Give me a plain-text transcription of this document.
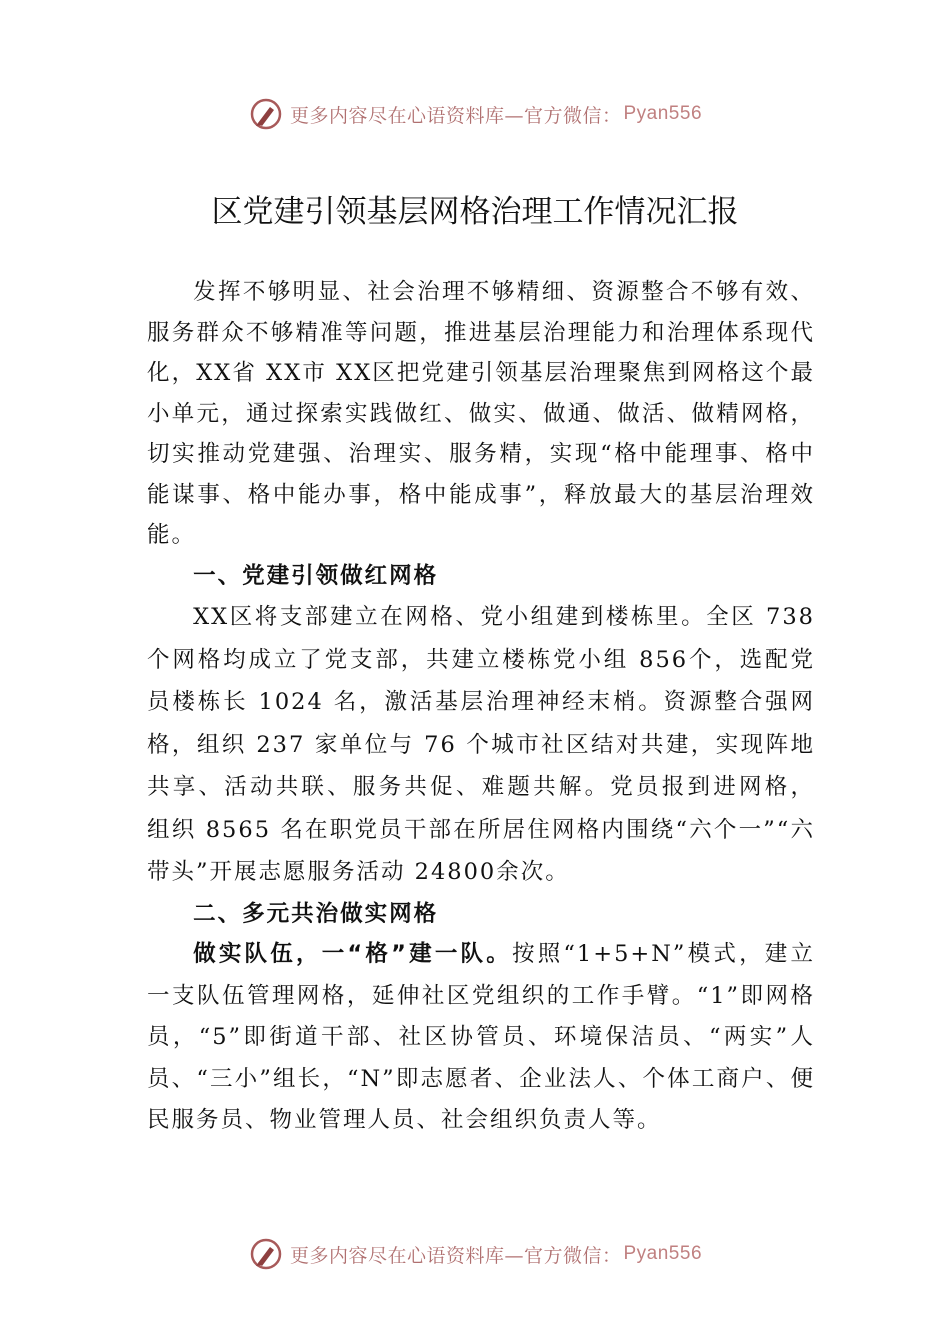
更多内容尽在心语资料库—官方微信： Pyan556
区党建引领基层网格治理工作情况汇报

发挥不够明显、社会治理不够精细、资源整合不够有效、服务群众不够精准等问题，推进基层治理能力和治理体系现代化，XX省 XX市 XX区把党建引领基层治理聚焦到网格这个最小单元，通过探索实践做红、做实、做通、做活、做精网格，切实推动党建强、治理实、服务精，实现“格中能理事、格中能谋事、格中能办事，格中能成事”，释放最大的基层治理效能。

一、党建引领做红网格

XX区将支部建立在网格、党小组建到楼栋里。全区 738 个网格均成立了党支部，共建立楼栋党小组 856个，选配党员楼栋长 1024 名，激活基层治理神经末梢。资源整合强网格，组织 237 家单位与 76 个城市社区结对共建，实现阵地共享、活动共联、服务共促、难题共解。党员报到进网格， 组织 8565 名在职党员干部在所居住网格内围绕“六个一”“六带头”开展志愿服务活动 24800余次。

二、多元共治做实网格

做实队伍，一“格”建一队。按照“1+5+N”模式，建立一支队伍管理网格，延伸社区党组织的工作手臂。“1”即网格员，“5”即街道干部、社区协管员、环境保洁员、“两实”人员、“三小”组长，“N”即志愿者、企业法人、个体工商户、便民服务员、物业管理人员、社会组织负责人等。

更多内容尽在心语资料库—官方微信： Pyan556
